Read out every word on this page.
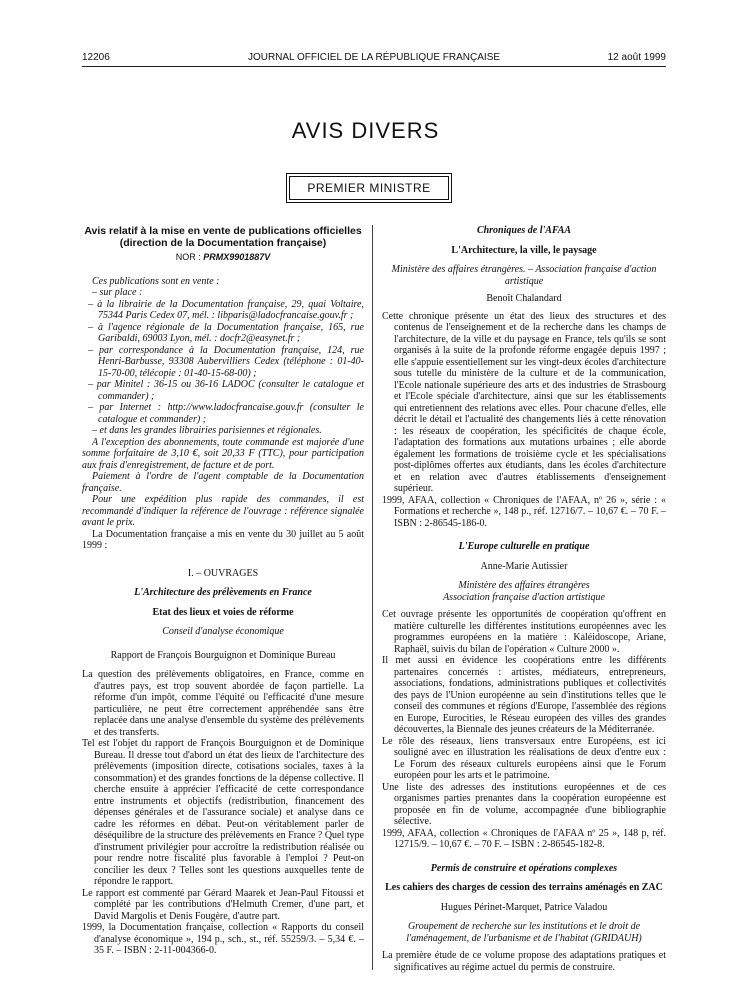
12206	JOURNAL OFFICIEL DE LA RÉPUBLIQUE FRANÇAISE	12 août 1999
AVIS DIVERS
PREMIER MINISTRE
Avis relatif à la mise en vente de publications officielles (direction de la Documentation française)
NOR : PRMX9901887V

Ces publications sont en vente :

– sur place :

– à la librairie de la Documentation française, 29, quai Voltaire, 75344 Paris Cedex 07, mél. : libparis@ladocfrancaise.gouv.fr ;

– à l'agence régionale de la Documentation française, 165, rue Garibaldi, 69003 Lyon, mél. : docfr2@easynet.fr ;

– par correspondance à la Documentation française, 124, rue Henri-Barbusse, 93308 Aubervilliers Cedex (téléphone : 01-40-15-70-00, télécopie : 01-40-15-68-00) ;

– par Minitel : 36-15 ou 36-16 LADOC (consulter le catalogue et commander) ;

– par Internet : http://www.ladocfrancaise.gouv.fr (consulter le catalogue et commander) ;

– et dans les grandes librairies parisiennes et régionales.

A l'exception des abonnements, toute commande est majorée d'une somme forfaitaire de 3,10 €, soit 20,33 F (TTC), pour participation aux frais d'enregistrement, de facture et de port.

Paiement à l'ordre de l'agent comptable de la Documentation française.

Pour une expédition plus rapide des commandes, il est recommandé d'indiquer la référence de l'ouvrage : référence signalée avant le prix.

La Documentation française a mis en vente du 30 juillet au 5 août 1999 :

I. – OUVRAGES

L'Architecture des prélèvements en France

Etat des lieux et voies de réforme

Conseil d'analyse économique

Rapport de François Bourguignon et Dominique Bureau

La question des prélèvements obligatoires, en France, comme en d'autres pays, est trop souvent abordée de façon partielle. La réforme d'un impôt, comme l'équité ou l'efficacité d'une mesure particulière, ne peut être correctement appréhendée sans être replacée dans une analyse d'ensemble du système des prélèvements et des transferts.

Tel est l'objet du rapport de François Bourguignon et de Dominique Bureau. Il dresse tout d'abord un état des lieux de l'architecture des prélèvements (imposition directe, cotisations sociales, taxes à la consommation) et des grandes fonctions de la dépense collective. Il cherche ensuite à apprécier l'efficacité de cette correspondance entre instruments et objectifs (redistribution, financement des dépenses générales et de l'assurance sociale) et analyse dans ce cadre les réformes en débat. Peut-on véritablement parler de déséquilibre de la structure des prélèvements en France ? Quel type d'instrument privilégier pour accroître la redistribution réalisée ou pour rendre notre fiscalité plus favorable à l'emploi ? Peut-on concilier les deux ? Telles sont les questions auxquelles tente de répondre le rapport.

Le rapport est commenté par Gérard Maarek et Jean-Paul Fitoussi et complété par les contributions d'Helmuth Cremer, d'une part, et David Margolis et Denis Fougère, d'autre part.

1999, la Documentation française, collection « Rapports du conseil d'analyse économique », 194 p., sch., st., réf. 55259/3. – 5,34 €. – 35 F. – ISBN : 2-11-004366-0.

Chroniques de l'AFAA

L'Architecture, la ville, le paysage

Ministère des affaires étrangères. – Association française d'action artistique

Benoît Chalandard

Cette chronique présente un état des lieux des structures et des contenus de l'enseignement et de la recherche dans les champs de l'architecture, de la ville et du paysage en France, tels qu'ils se sont organisés à la suite de la profonde réforme engagée depuis 1997 ; elle s'appuie essentiellement sur les vingt-deux écoles d'architecture sous tutelle du ministère de la culture et de la communication, l'Ecole nationale supérieure des arts et des industries de Strasbourg et l'Ecole spéciale d'architecture, ainsi que sur les établissements qui entretiennent des relations avec elles. Pour chacune d'elles, elle décrit le détail et l'actualité des changements liés à cette rénovation : les réseaux de coopération, les spécificités de chaque école, l'adaptation des formations aux mutations urbaines ; elle aborde également les formations de troisième cycle et les spécialisations post-diplômes offertes aux étudiants, dans les écoles d'architecture et en relation avec d'autres établissements d'enseignement supérieur.

1999, AFAA, collection « Chroniques de l'AFAA, nº 26 », série : « Formations et recherche », 148 p., réf. 12716/7. – 10,67 €. – 70 F. – ISBN : 2-86545-186-0.

L'Europe culturelle en pratique

Anne-Marie Autissier

Ministère des affaires étrangères

Association française d'action artistique

Cet ouvrage présente les opportunités de coopération qu'offrent en matière culturelle les différentes institutions européennes avec les programmes européens en la matière : Kaléidoscope, Ariane, Raphaël, suivis du bilan de l'opération « Culture 2000 ».

Il met aussi en évidence les coopérations entre les différents partenaires concernés : artistes, médiateurs, entrepreneurs, associations, fondations, administrations publiques et collectivités des pays de l'Union européenne au sein d'institutions telles que le conseil des communes et régions d'Europe, l'assemblée des régions en Europe, Eurocities, le Réseau européen des villes des grandes découvertes, la Biennale des jeunes créateurs de la Méditerranée.

Le rôle des réseaux, liens transversaux entre Européens, est ici souligné avec en illustration les réalisations de deux d'entre eux : Le Forum des réseaux culturels européens ainsi que le Forum européen pour les arts et le patrimoine.

Une liste des adresses des institutions européennes et de ces organismes parties prenantes dans la coopération européenne est proposée en fin de volume, accompagnée d'une bibliographie sélective.

1999, AFAA, collection « Chroniques de l'AFAA nº 25 », 148 p, réf. 12715/9. – 10,67 €. – 70 F. – ISBN : 2-86545-182-8.

Permis de construire et opérations complexes

Les cahiers des charges de cession des terrains aménagés en ZAC

Hugues Périnet-Marquet, Patrice Valadou

Groupement de recherche sur les institutions et le droit de l'aménagement, de l'urbanisme et de l'habitat (GRIDAUH)

La première étude de ce volume propose des adaptations pratiques et significatives au régime actuel du permis de construire.
